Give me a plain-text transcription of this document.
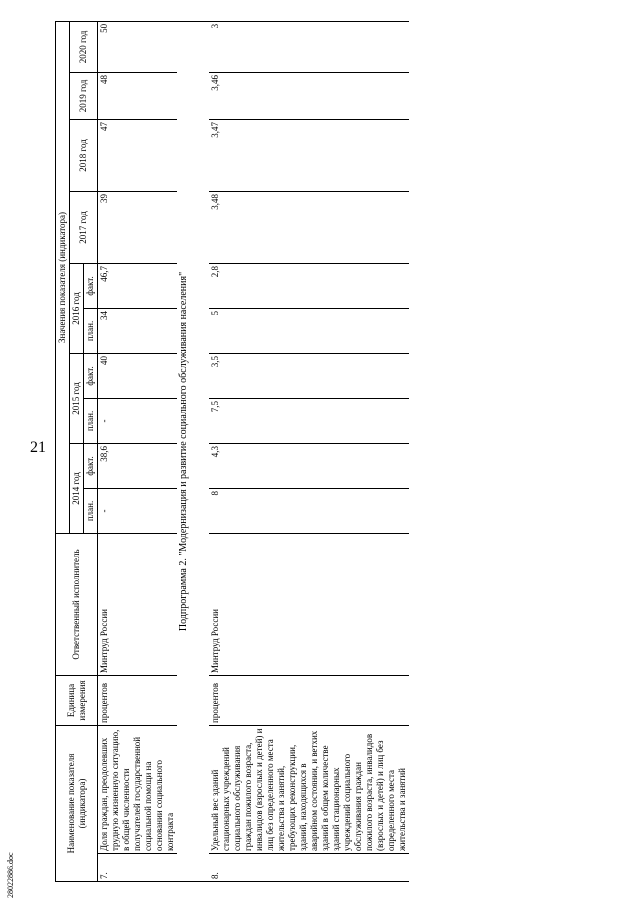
21
Наименование показателя (индикатора)		Единица измерения	Ответственный исполнитель	Значения показателя (индикатора)									
				2014 год		2015 год		2016 год		2017 год	2018 год	2019 год	2020 год
				план.	факт.	план.	факт.	план.	факт.				
7.	Доля граждан, преодолевших трудную жизненную ситуацию, в общей численности получателей государственной социальной помощи на основании социального контракта	процентов	Минтруд России	-	38,6	-	40	34	46,7	39	47	48	50
Подпрограмма 2. "Модернизация и развитие социального обслуживания населения"													
8.	Удельный вес зданий стационарных учреждений социального обслуживания граждан пожилого возраста, инвалидов (взрослых и детей) и лиц без определенного места жительства и занятий, требующих реконструкции, зданий, находящихся в аварийном состоянии, и ветхих зданий в общем количестве зданий стационарных учреждений социального обслуживания граждан пожилого возраста, инвалидов (взрослых и детей) и лиц без определенного места жительства и занятий	процентов	Минтруд России	8	4,3	7,5	3,5	5	2,8	3,48	3,47	3,46	3
28022886.doc
